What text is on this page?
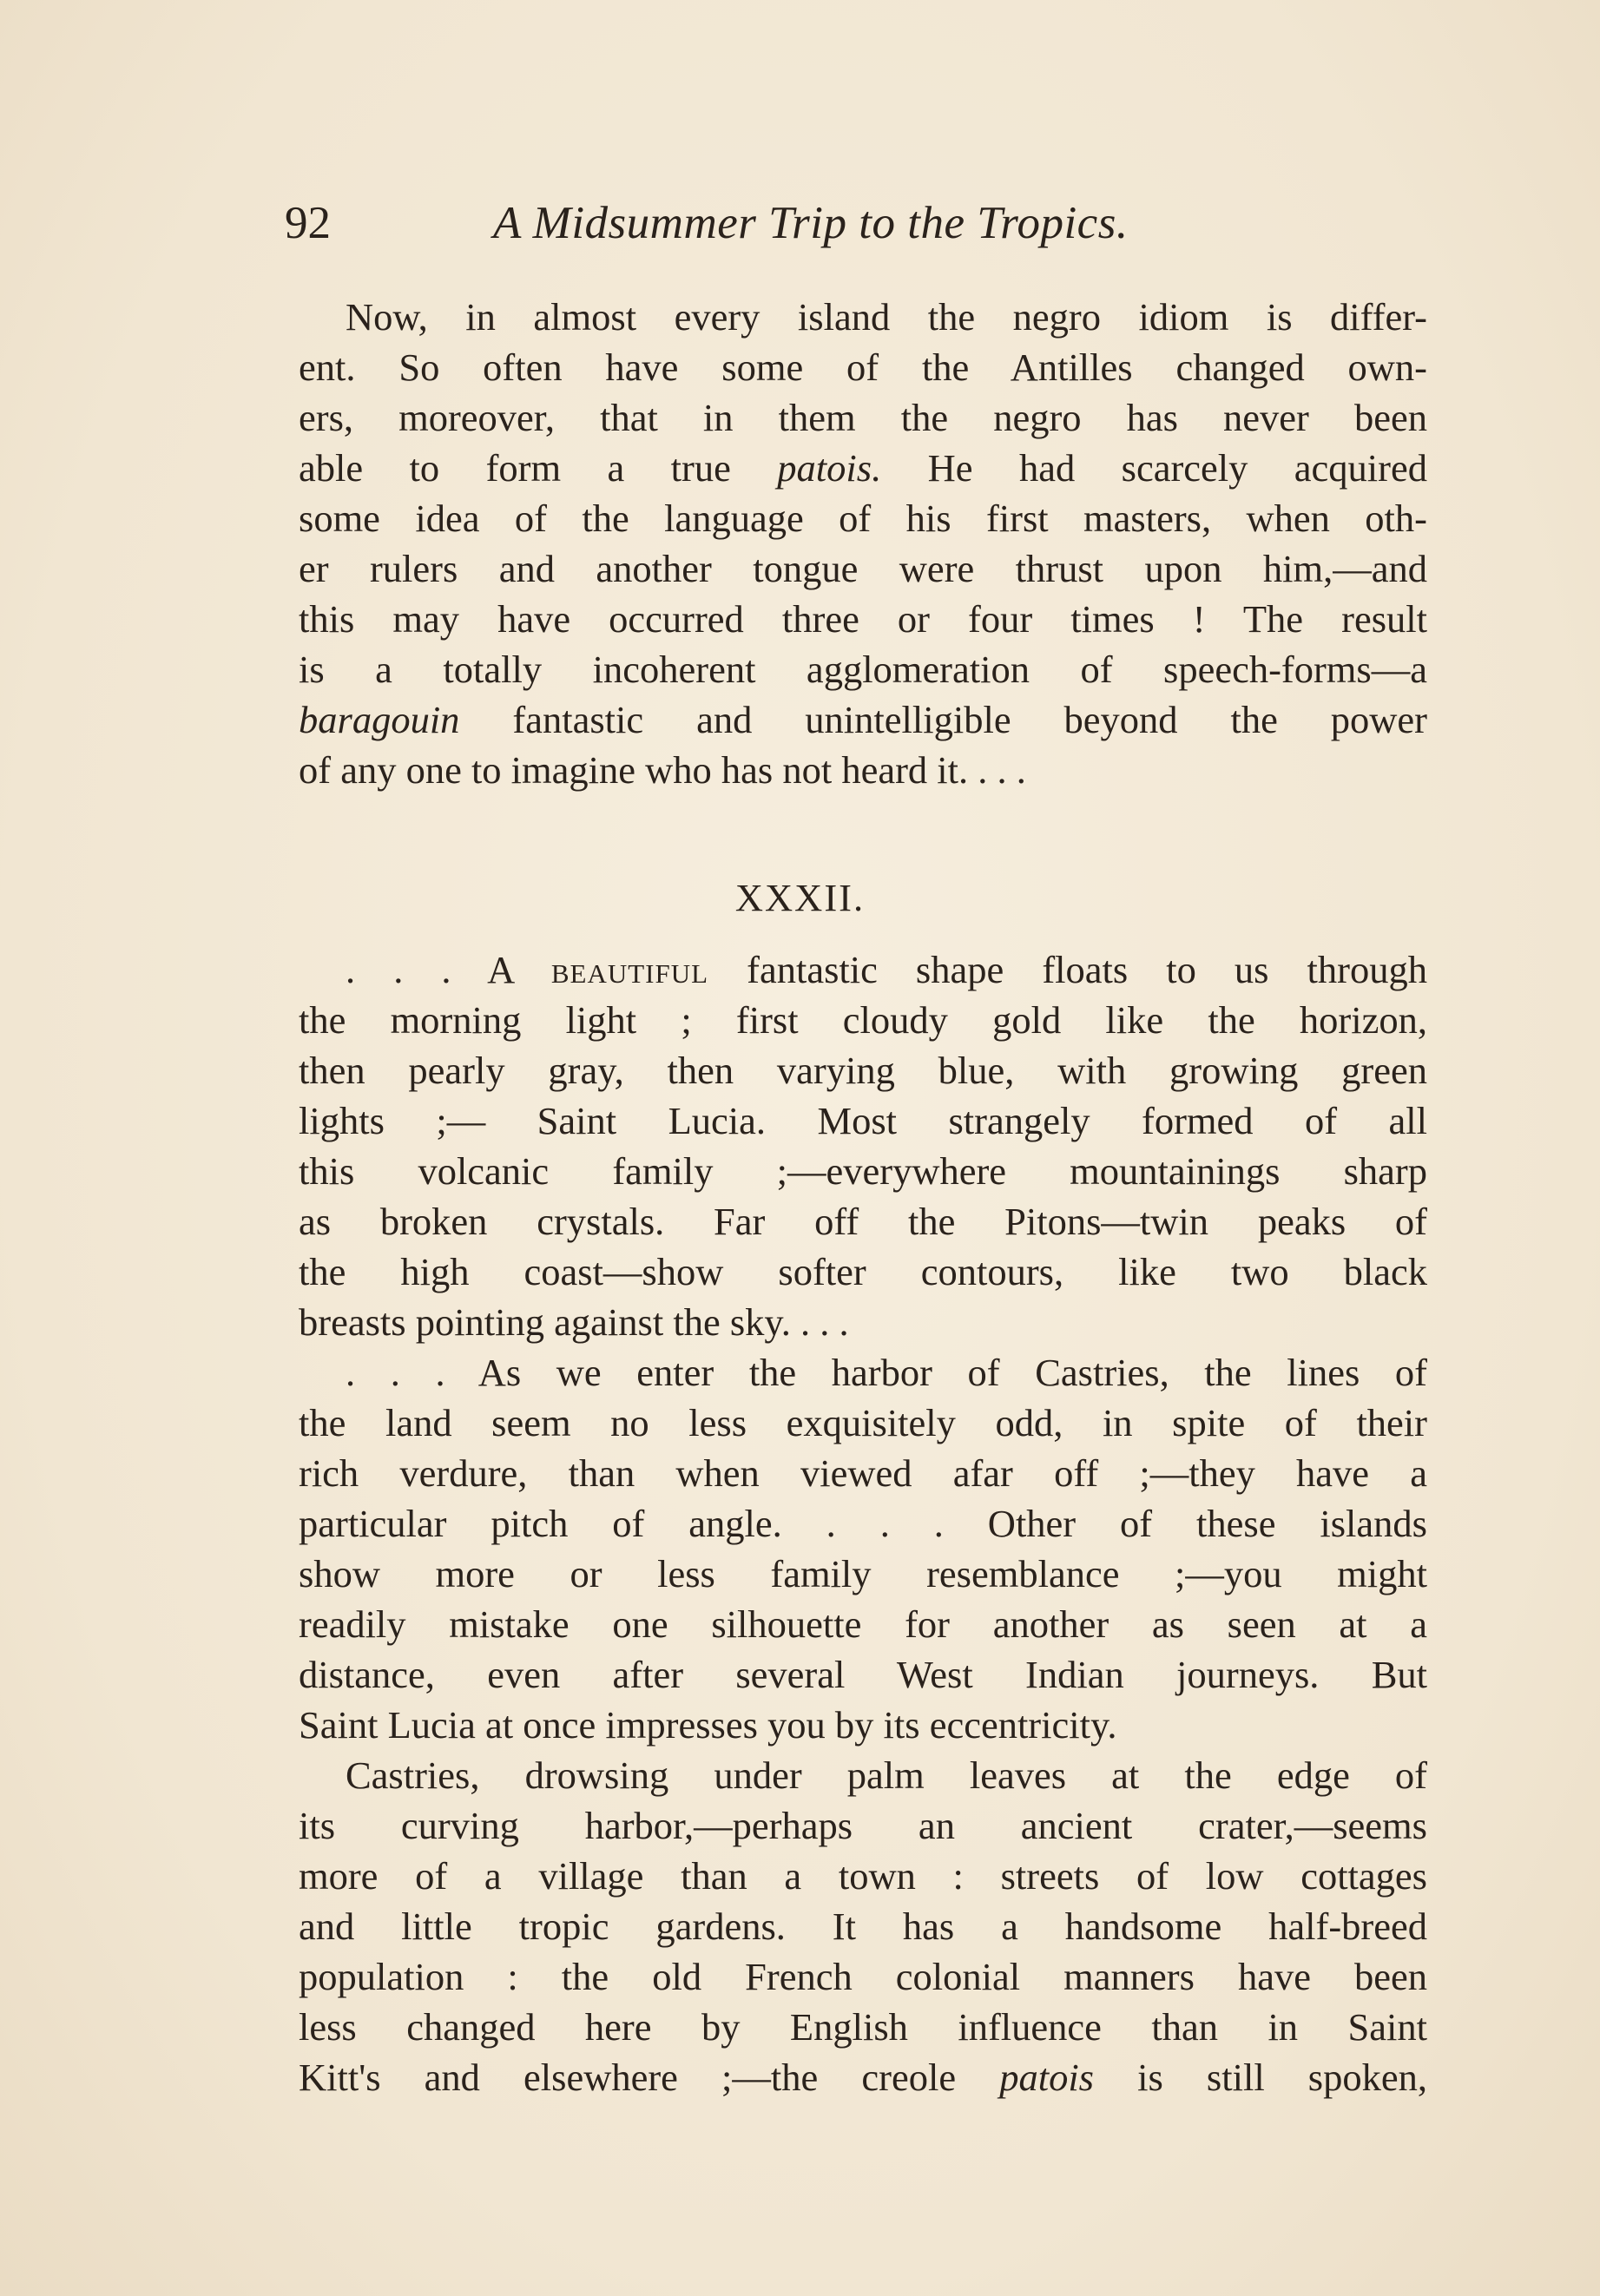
92	A Midsummer Trip to the Tropics.
Now, in almost every island the negro idiom is differ-
ent. So often have some of the Antilles changed own-
ers, moreover, that in them the negro has never been
able to form a true patois. He had scarcely acquired
some idea of the language of his first masters, when oth-
er rulers and another tongue were thrust upon him,—and
this may have occurred three or four times ! The result
is a totally incoherent agglomeration of speech-forms—a
baragouin fantastic and unintelligible beyond the power
of any one to imagine who has not heard it. . . .
XXXII.
. . . A beautiful fantastic shape floats to us through
the morning light ; first cloudy gold like the horizon,
then pearly gray, then varying blue, with growing green
lights ;— Saint Lucia. Most strangely formed of all
this volcanic family ;—everywhere mountainings sharp
as broken crystals. Far off the Pitons—twin peaks of
the high coast—show softer contours, like two black
breasts pointing against the sky. . . .
. . . As we enter the harbor of Castries, the lines of
the land seem no less exquisitely odd, in spite of their
rich verdure, than when viewed afar off ;—they have a
particular pitch of angle. . . . Other of these islands
show more or less family resemblance ;—you might
readily mistake one silhouette for another as seen at a
distance, even after several West Indian journeys. But
Saint Lucia at once impresses you by its eccentricity.
Castries, drowsing under palm leaves at the edge of
its curving harbor,—perhaps an ancient crater,—seems
more of a village than a town : streets of low cottages
and little tropic gardens. It has a handsome half-breed
population : the old French colonial manners have been
less changed here by English influence than in Saint
Kitt's and elsewhere ;—the creole patois is still spoken,
